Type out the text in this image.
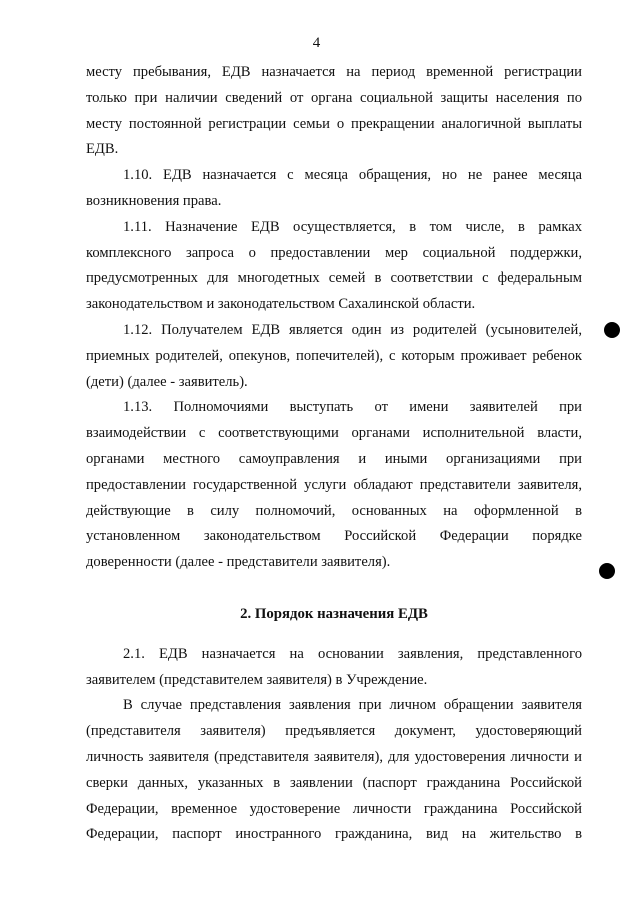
4

месту пребывания, ЕДВ назначается на период временной регистрации
только при наличии сведений от органа социальной защиты населения по
месту постоянной регистрации семьи о прекращении аналогичной выплаты
ЕДВ.

1.10. ЕДВ назначается с месяца обращения, но не ранее месяца
возникновения права.

1.11. Назначение ЕДВ осуществляется, в том числе, в рамках
комплексного запроса о предоставлении мер социальной поддержки,
предусмотренных для многодетных семей в соответствии с федеральным
законодательством и законодательством Сахалинской области.

1.12. Получателем ЕДВ является один из родителей (усыновителей,
приемных родителей, опекунов, попечителей), с которым проживает ребенок
(дети) (далее - заявитель).

1.13. Полномочиями выступать от имени заявителей при
взаимодействии с соответствующими органами исполнительной власти,
органами местного самоуправления и иными организациями при
предоставлении государственной услуги обладают представители заявителя,
действующие в силу полномочий, основанных на оформленной в
установленном законодательством Российской Федерации порядке
доверенности (далее - представители заявителя).

2. Порядок назначения ЕДВ

2.1. ЕДВ назначается на основании заявления, представленного
заявителем (представителем заявителя) в Учреждение.

В случае представления заявления при личном обращении заявителя
(представителя заявителя) предъявляется документ, удостоверяющий
личность заявителя (представителя заявителя), для удостоверения личности и
сверки данных, указанных в заявлении (паспорт гражданина Российской
Федерации, временное удостоверение личности гражданина Российской
Федерации, паспорт иностранного гражданина, вид на жительство в
